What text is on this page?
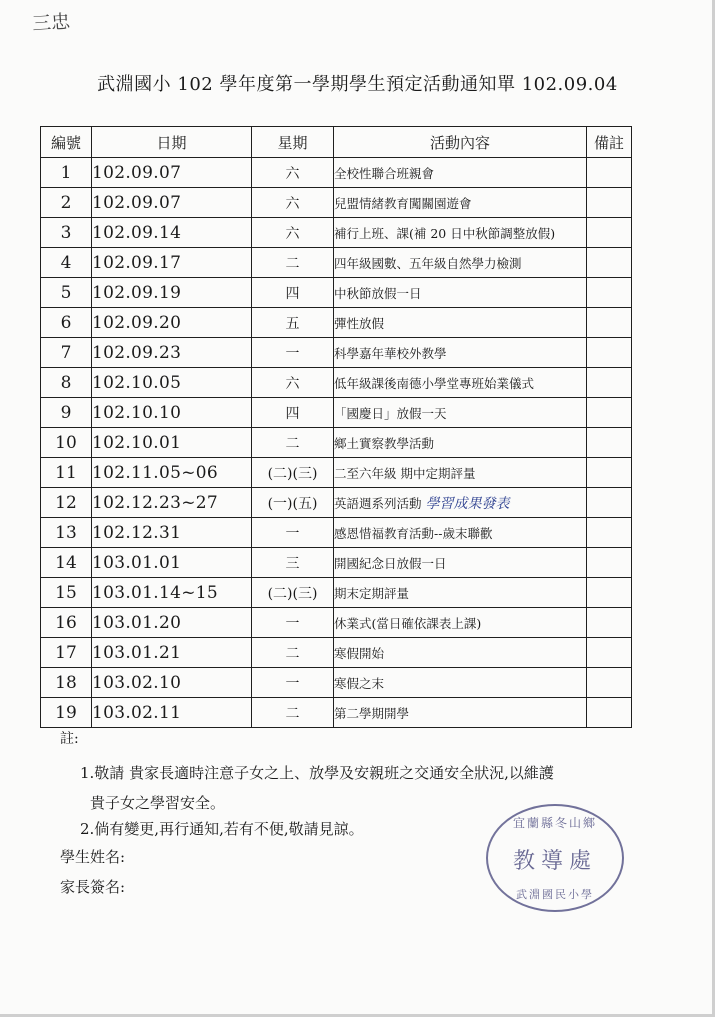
三忠
武淵國小 102 學年度第一學期學生預定活動通知單 102.09.04
編號	日期	星期	活動內容	備註
1	102.09.07	六	全校性聯合班親會	
2	102.09.07	六	兒盟情緒教育闖關園遊會	
3	102.09.14	六	補行上班、課(補 20 日中秋節調整放假)	
4	102.09.17	二	四年級國數、五年級自然學力檢測	
5	102.09.19	四	中秋節放假一日	
6	102.09.20	五	彈性放假	
7	102.09.23	一	科學嘉年華校外教學	
8	102.10.05	六	低年級課後南德小學堂專班始業儀式	
9	102.10.10	四	「國慶日」放假一天	
10	102.10.01	二	鄉土實察教學活動	
11	102.11.05~06	(二)(三)	二至六年級 期中定期評量	
12	102.12.23~27	(一)(五)	英語週系列活動 學習成果發表	
13	102.12.31	一	感恩惜福教育活動--歲末聯歡	
14	103.01.01	三	開國紀念日放假一日	
15	103.01.14~15	(二)(三)	期末定期評量	
16	103.01.20	一	休業式(當日確依課表上課)	
17	103.01.21	二	寒假開始	
18	103.02.10	一	寒假之末	
19	103.02.11	二	第二學期開學	
註:
1.敬請 貴家長適時注意子女之上、放學及安親班之交通安全狀況,以維護
貴子女之學習安全。
2.倘有變更,再行通知,若有不便,敬請見諒。
學生姓名:
家長簽名:
宜蘭縣冬山鄉
教導處
武淵國民小學
